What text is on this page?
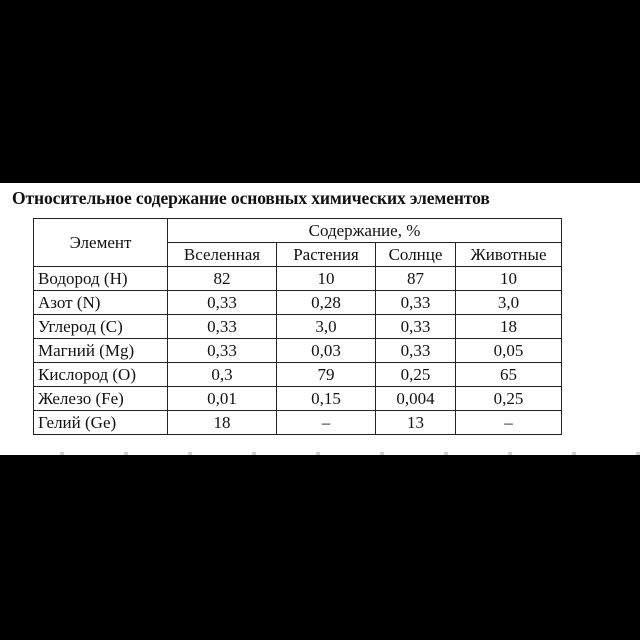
Относительное содержание основных химических элементов
Элемент	Содержание, %			
	Вселенная	Растения	Солнце	Животные
Водород (H)	82	10	87	10
Азот (N)	0,33	0,28	0,33	3,0
Углерод (C)	0,33	3,0	0,33	18
Магний (Mg)	0,33	0,03	0,33	0,05
Кислород (O)	0,3	79	0,25	65
Железо (Fe)	0,01	0,15	0,004	0,25
Гелий (Ge)	18	–	13	–
